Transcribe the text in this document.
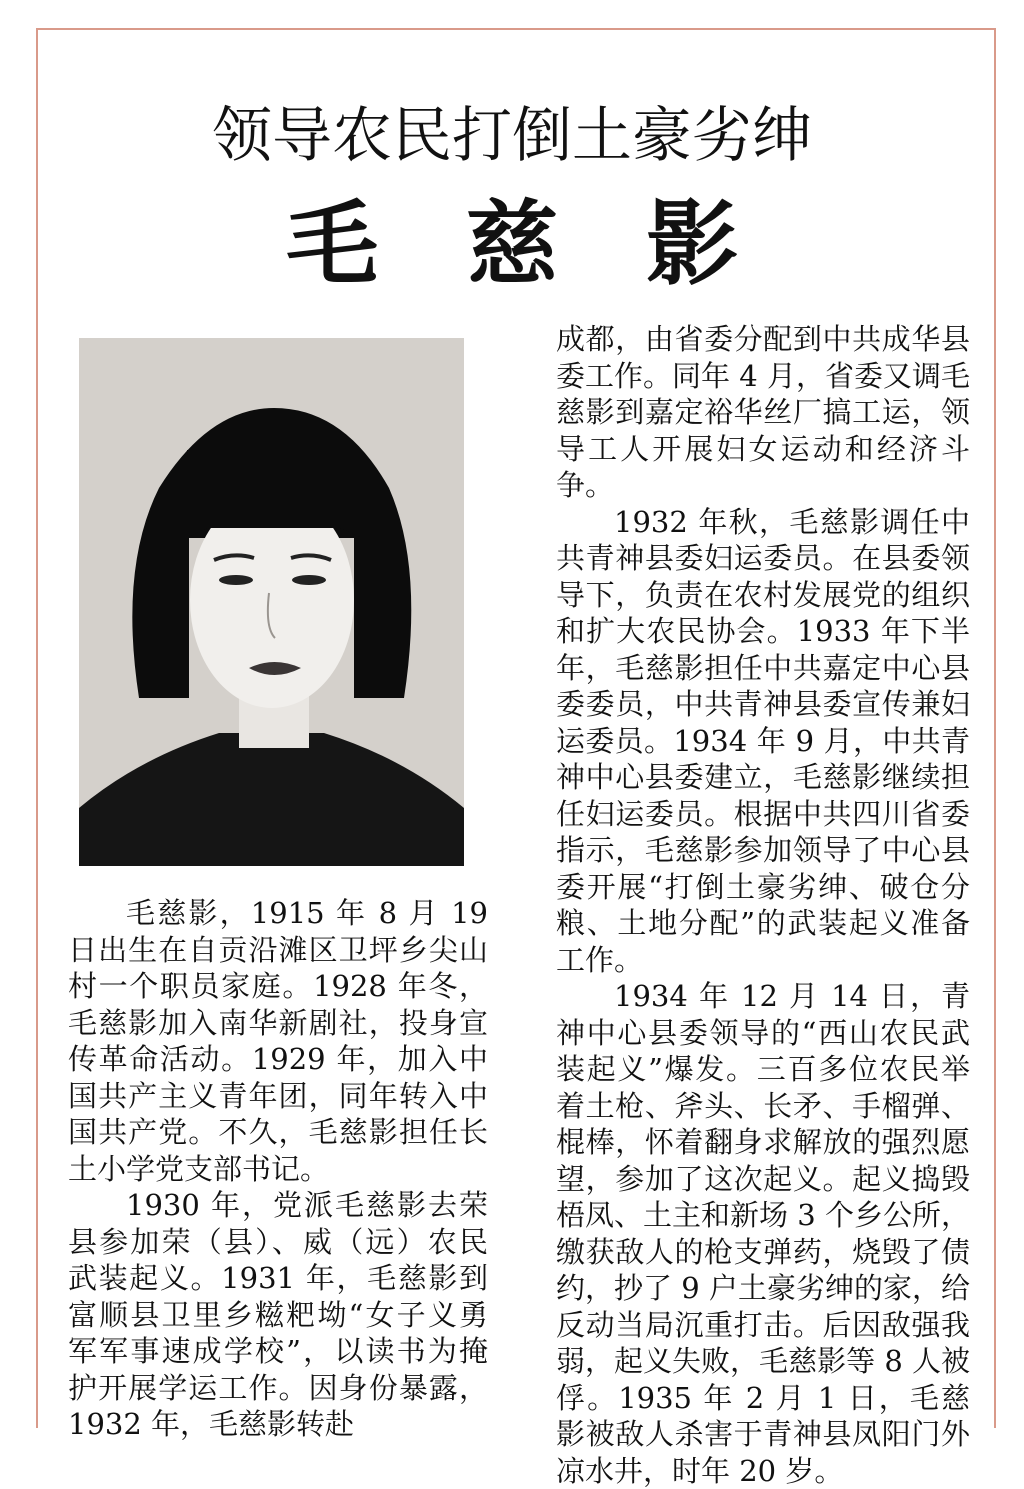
领导农民打倒土豪劣绅
毛 慈 影

毛慈影，1915 年 8 月 19 日出生在自贡沿滩区卫坪乡尖山村一个职员家庭。1928 年冬，毛慈影加入南华新剧社，投身宣传革命活动。1929 年，加入中国共产主义青年团，同年转入中国共产党。不久，毛慈影担任长土小学党支部书记。

1930 年，党派毛慈影去荣县参加荣（县）、威（远）农民武装起义。1931 年，毛慈影到富顺县卫里乡糍粑坳“女子义勇军军事速成学校”，以读书为掩护开展学运工作。因身份暴露，1932 年，毛慈影转赴

成都，由省委分配到中共成华县委工作。同年 4 月，省委又调毛慈影到嘉定裕华丝厂搞工运，领导工人开展妇女运动和经济斗争。

1932 年秋，毛慈影调任中共青神县委妇运委员。在县委领导下，负责在农村发展党的组织和扩大农民协会。1933 年下半年，毛慈影担任中共嘉定中心县委委员，中共青神县委宣传兼妇运委员。1934 年 9 月，中共青神中心县委建立，毛慈影继续担任妇运委员。根据中共四川省委指示，毛慈影参加领导了中心县委开展“打倒土豪劣绅、破仓分粮、土地分配”的武装起义准备工作。

1934 年 12 月 14 日，青神中心县委领导的“西山农民武装起义”爆发。三百多位农民举着土枪、斧头、长矛、手榴弹、棍棒，怀着翻身求解放的强烈愿望，参加了这次起义。起义捣毁梧凤、土主和新场 3 个乡公所，缴获敌人的枪支弹药，烧毁了债约，抄了 9 户土豪劣绅的家，给反动当局沉重打击。后因敌强我弱，起义失败，毛慈影等 8 人被俘。1935 年 2 月 1 日，毛慈影被敌人杀害于青神县凤阳门外凉水井，时年 20 岁。
